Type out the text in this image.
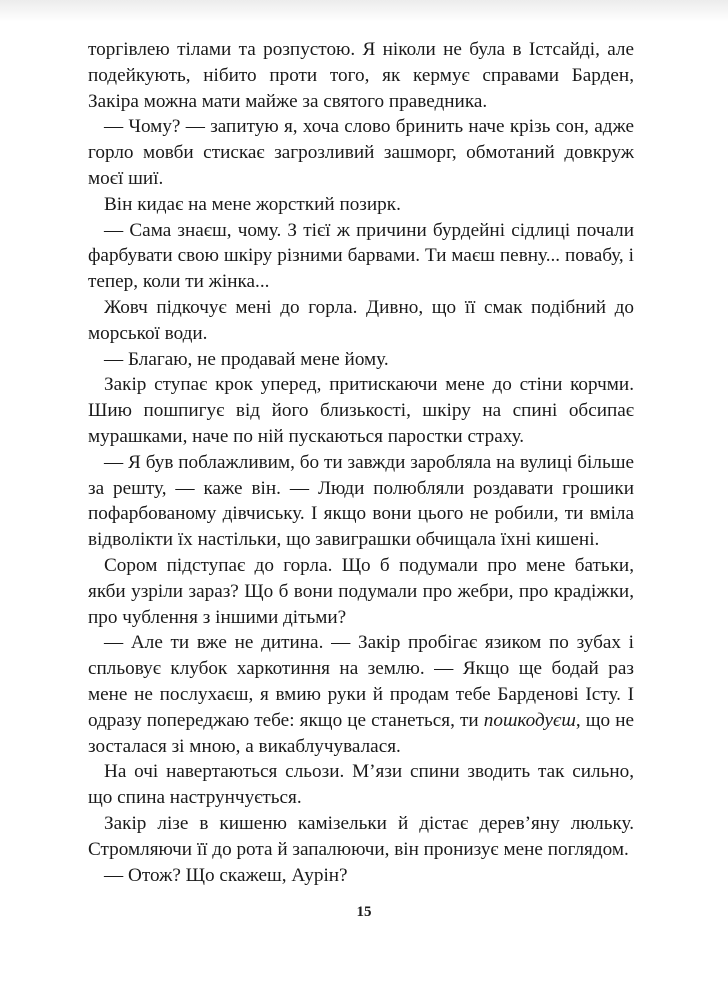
торгівлею тілами та розпустою. Я ніколи не була в Істсайді, але подейкують, нібито проти того, як кермує справами Барден, Закіра можна мати майже за святого праведника.

— Чому? — запитую я, хоча слово бринить наче крізь сон, адже горло мовби стискає загрозливий зашморг, обмотаний довкруж моєї шиї.

Він кидає на мене жорсткий позирк.

— Сама знаєш, чому. З тієї ж причини бурдейні сідлиці почали фарбувати свою шкіру різними барвами. Ти маєш певну... повабу, і тепер, коли ти жінка...

Жовч підкочує мені до горла. Дивно, що її смак подібний до морської води.

— Благаю, не продавай мене йому.

Закір ступає крок уперед, притискаючи мене до стіни корчми. Шию пошпигує від його близькості, шкіру на спині обсипає мурашками, наче по ній пускаються паростки страху.

— Я був поблажливим, бо ти завжди заробляла на вулиці більше за решту, — каже він. — Люди полюбляли роздавати грошики пофарбованому дівчиську. І якщо вони цього не робили, ти вміла відволікти їх настільки, що завиграшки обчищала їхні кишені.

Сором підступає до горла. Що б подумали про мене батьки, якби узріли зараз? Що б вони подумали про жебри, про крадіжки, про чублення з іншими дітьми?

— Але ти вже не дитина. — Закір пробігає язиком по зубах і спльовує клубок харкотиння на землю. — Якщо ще бодай раз мене не послухаєш, я вмию руки й продам тебе Барденові Істу. І одразу попереджаю тебе: якщо це станеться, ти пошкодуєш, що не зосталася зі мною, а викаблучувалася.

На очі навертаються сльози. М’язи спини зводить так сильно, що спина наструнчується.

Закір лізе в кишеню камізельки й дістає дерев’яну люльку. Стромляючи її до рота й запалюючи, він пронизує мене поглядом.

— Отож? Що скажеш, Аурін?

15
